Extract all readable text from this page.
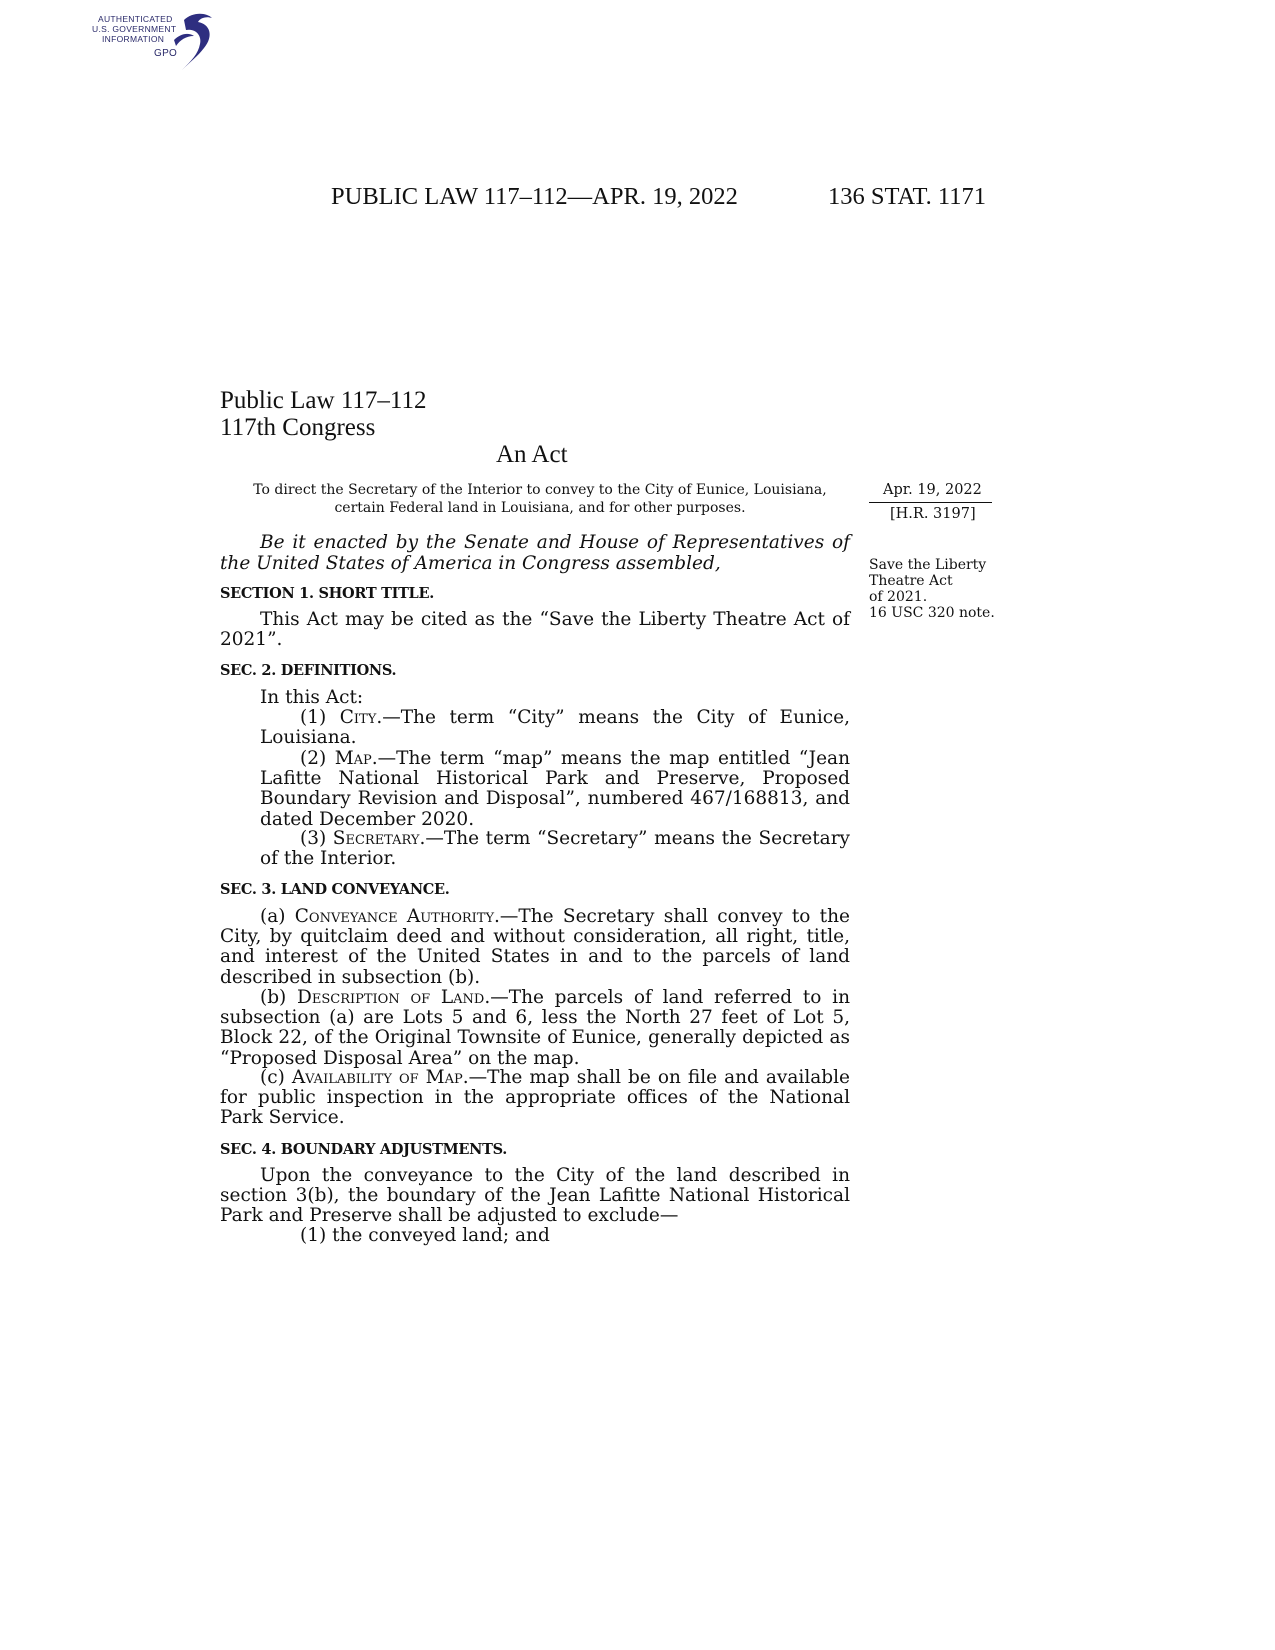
AUTHENTICATED
U.S. GOVERNMENT
INFORMATION
GPO
PUBLIC LAW 117–112—APR. 19, 2022	136 STAT. 1171
Public Law 117–112
117th Congress
An Act
To direct the Secretary of the Interior to convey to the City of Eunice, Louisiana,
certain Federal land in Louisiana, and for other purposes.
Apr. 19, 2022
[H.R. 3197]
Save the Liberty
Theatre Act
of 2021.
16 USC 320 note.
Be it enacted by the Senate and House of Representatives of the United States of America in Congress assembled,
SECTION 1. SHORT TITLE.
This Act may be cited as the “Save the Liberty Theatre Act of 2021”.
SEC. 2. DEFINITIONS.
In this Act:
(1) City.—The term “City” means the City of Eunice, Louisiana.
(2) Map.—The term “map” means the map entitled “Jean Lafitte National Historical Park and Preserve, Proposed Boundary Revision and Disposal”, numbered 467/168813, and dated December 2020.
(3) Secretary.—The term “Secretary” means the Secretary of the Interior.
SEC. 3. LAND CONVEYANCE.
(a) Conveyance Authority.—The Secretary shall convey to the City, by quitclaim deed and without consideration, all right, title, and interest of the United States in and to the parcels of land described in subsection (b).
(b) Description of Land.—The parcels of land referred to in subsection (a) are Lots 5 and 6, less the North 27 feet of Lot 5, Block 22, of the Original Townsite of Eunice, generally depicted as “Proposed Disposal Area” on the map.
(c) Availability of Map.—The map shall be on file and available for public inspection in the appropriate offices of the National Park Service.
SEC. 4. BOUNDARY ADJUSTMENTS.
Upon the conveyance to the City of the land described in section 3(b), the boundary of the Jean Lafitte National Historical Park and Preserve shall be adjusted to exclude—
(1) the conveyed land; and
